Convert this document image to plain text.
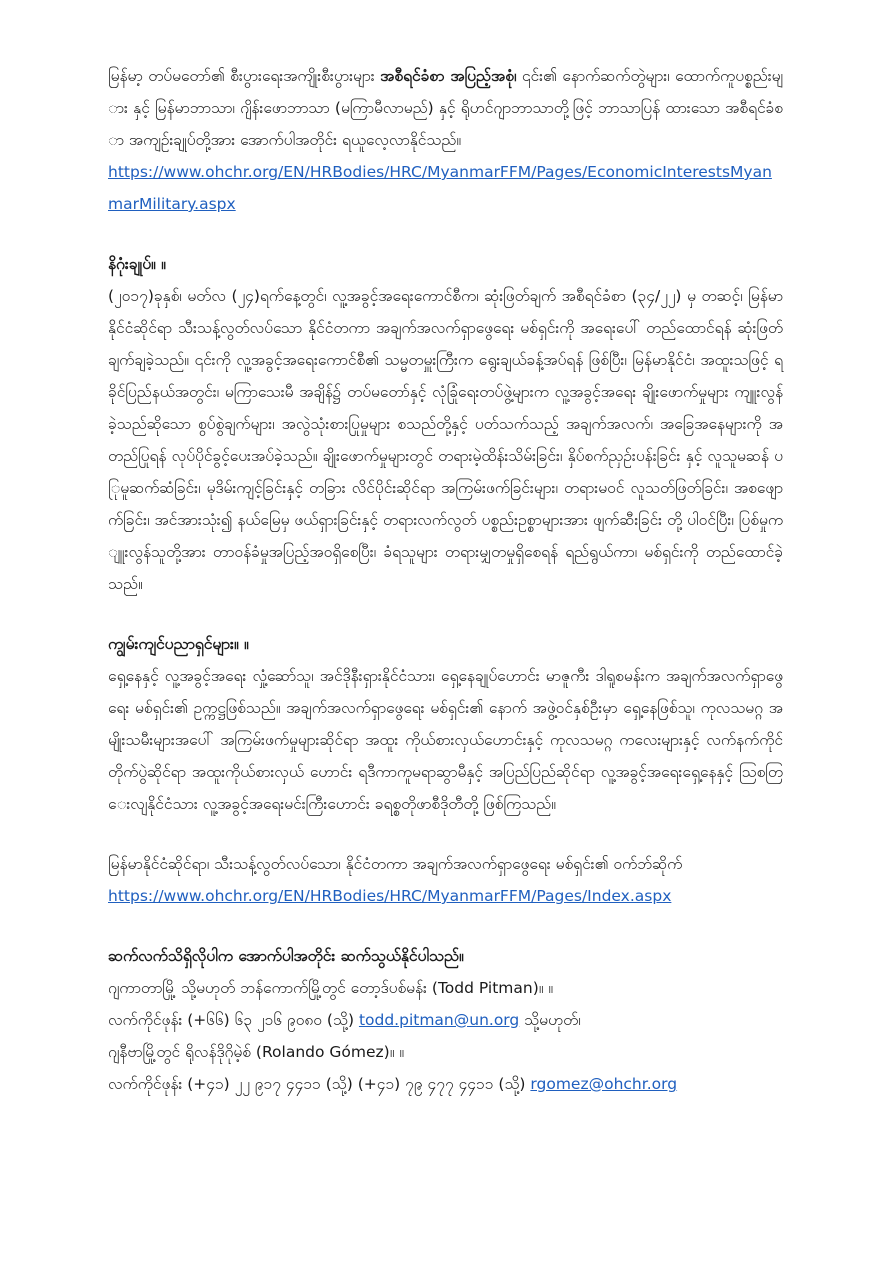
မြန်မာ့ တပ်မတော်၏ စီးပွားရေးအကျိုးစီးပွားများ အစီရင်ခံစာ အပြည့်အစုံ၊ ၎င်း၏ နောက်ဆက်တွဲများ၊ ထောက်ကူပစ္စည်းများ နှင့် မြန်မာဘာသာ၊ ဂျိန်းဖောဘာသာ (မကြာမီလာမည်) နှင့် ရိုဟင်ဂျာဘာသာတို့ဖြင့် ဘာသာပြန် ထားသော အစီရင်ခံစာ အကျဉ်းချုပ်တို့အား အောက်ပါအတိုင်း ရယူလေ့လာနိုင်သည်။

https://www.ohchr.org/EN/HRBodies/HRC/MyanmarFFM/Pages/EconomicInterestsMyanmarMilitary.aspx

နိဂုံးချုပ်။ ။

(၂၀၁၇)ခုနှစ်၊ မတ်လ (၂၄)ရက်နေ့တွင်၊ လူ့အခွင့်အရေးကောင်စီက၊ ဆုံးဖြတ်ချက် အစီရင်ခံစာ (၃၄/၂၂) မှ တဆင့်၊ မြန်မာနိုင်ငံဆိုင်ရာ သီးသန့်လွတ်လပ်သော နိုင်ငံတကာ အချက်အလက်ရှာဖွေရေး မစ်ရှင်းကို အရေးပေါ် တည်ထောင်ရန် ဆုံးဖြတ်ချက်ချခဲ့သည်။ ၎င်းကို လူ့အခွင့်အရေးကောင်စီ၏ သမ္မတမှူးကြီးက ရွေးချယ်ခန့်အပ်ရန် ဖြစ်ပြီး၊ မြန်မာနိုင်ငံ၊ အထူးသဖြင့် ရခိုင်ပြည်နယ်အတွင်း၊ မကြာသေးမီ အချိန်၌ တပ်မတော်နှင့် လုံခြုံရေးတပ်ဖွဲ့များက လူ့အခွင့်အရေး ချိုးဖောက်မှုများ ကျူးလွန်ခဲ့သည်ဆိုသော စွပ်စွဲချက်များ၊ အလွဲသုံးစားပြုမှုများ စသည်တို့နှင့် ပတ်သက်သည့် အချက်အလက်၊ အခြေအနေများကို အတည်ပြုရန် လုပ်ပိုင်ခွင့်ပေးအပ်ခဲ့သည်။ ချိုးဖောက်မှုများတွင် တရားမဲ့ထိန်းသိမ်းခြင်း၊ နှိပ်စက်ညှဉ်းပန်းခြင်း နှင့် လူသူမဆန် ပြုမူဆက်ဆံခြင်း၊ မုဒိမ်းကျင့်ခြင်းနှင့် တခြား လိင်ပိုင်းဆိုင်ရာ အကြမ်းဖက်ခြင်းများ၊ တရားမဝင် လူသတ်ဖြတ်ခြင်း၊ အစဖျောက်ခြင်း၊ အင်အားသုံး၍ နယ်မြေမှ ဖယ်ရှားခြင်းနှင့် တရားလက်လွတ် ပစ္စည်းဥစ္စာများအား ဖျက်ဆီးခြင်း တို့ ပါဝင်ပြီး၊ ပြစ်မှုကျူးလွန်သူတို့အား တာဝန်ခံမှုအပြည့်အဝရှိစေပြီး၊ ခံရသူများ တရားမျှတမှုရှိစေရန် ရည်ရွယ်ကာ၊ မစ်ရှင်းကို တည်ထောင်ခဲ့သည်။

ကျွမ်းကျင်ပညာရှင်များ။ ။

ရှေ့နေနှင့် လူ့အခွင့်အရေး လှုံ့ဆော်သူ၊ အင်ဒိုနီးရှားနိုင်ငံသား၊ ရှေ့နေချုပ်ဟောင်း မာဇူကီး ဒါရူစမန်းက အချက်အလက်ရှာဖွေရေး မစ်ရှင်း၏ ဥက္ကဋ္ဌဖြစ်သည်။ အချက်အလက်ရှာဖွေရေး မစ်ရှင်း၏ နောက် အဖွဲ့ဝင်နှစ်ဦးမှာ ရှေ့နေဖြစ်သူ၊ ကုလသမဂ္ဂ အမျိုးသမီးများအပေါ် အကြမ်းဖက်မှုများဆိုင်ရာ အထူး ကိုယ်စားလှယ်ဟောင်းနှင့် ကုလသမဂ္ဂ ကလေးများနှင့် လက်နက်ကိုင်တိုက်ပွဲဆိုင်ရာ အထူးကိုယ်စားလှယ် ဟောင်း ရဒီကာကူမရာဆွာမီနှင့် အပြည်ပြည်ဆိုင်ရာ လူ့အခွင့်အရေးရှေ့နေနှင့် သြစတြေးလျနိုင်ငံသား လူ့အခွင့်အရေးမင်းကြီးဟောင်း ခရစ္စတိုဖာစီဒိုတီတို့ ဖြစ်ကြသည်။

မြန်မာနိုင်ငံဆိုင်ရာ၊ သီးသန့်လွတ်လပ်သော၊ နိုင်ငံတကာ အချက်အလက်ရှာဖွေရေး မစ်ရှင်း၏ ဝက်ဘ်ဆိုက်

https://www.ohchr.org/EN/HRBodies/HRC/MyanmarFFM/Pages/Index.aspx

ဆက်လက်သိရှိလိုပါက အောက်ပါအတိုင်း ဆက်သွယ်နိုင်ပါသည်။

ဂျကာတာမြို့ သို့မဟုတ် ဘန်ကောက်မြို့တွင် တော့ဒ်ပစ်မန်း (Todd Pitman)။ ။

လက်ကိုင်ဖုန်း (+၆၆) ၆၃ ၂၁၆ ၉၀၈၀ (သို့) todd.pitman@un.org သို့မဟုတ်၊

ဂျနီဗာမြို့တွင် ရိုလန်ဒိုဂိုမဲ့စ် (Rolando Gómez)။ ။

လက်ကိုင်ဖုန်း (+၄၁) ၂၂ ၉၁၇ ၄၄၁၁ (သို့) (+၄၁) ၇၉ ၄၇၇ ၄၄၁၁ (သို့) rgomez@ohchr.org
